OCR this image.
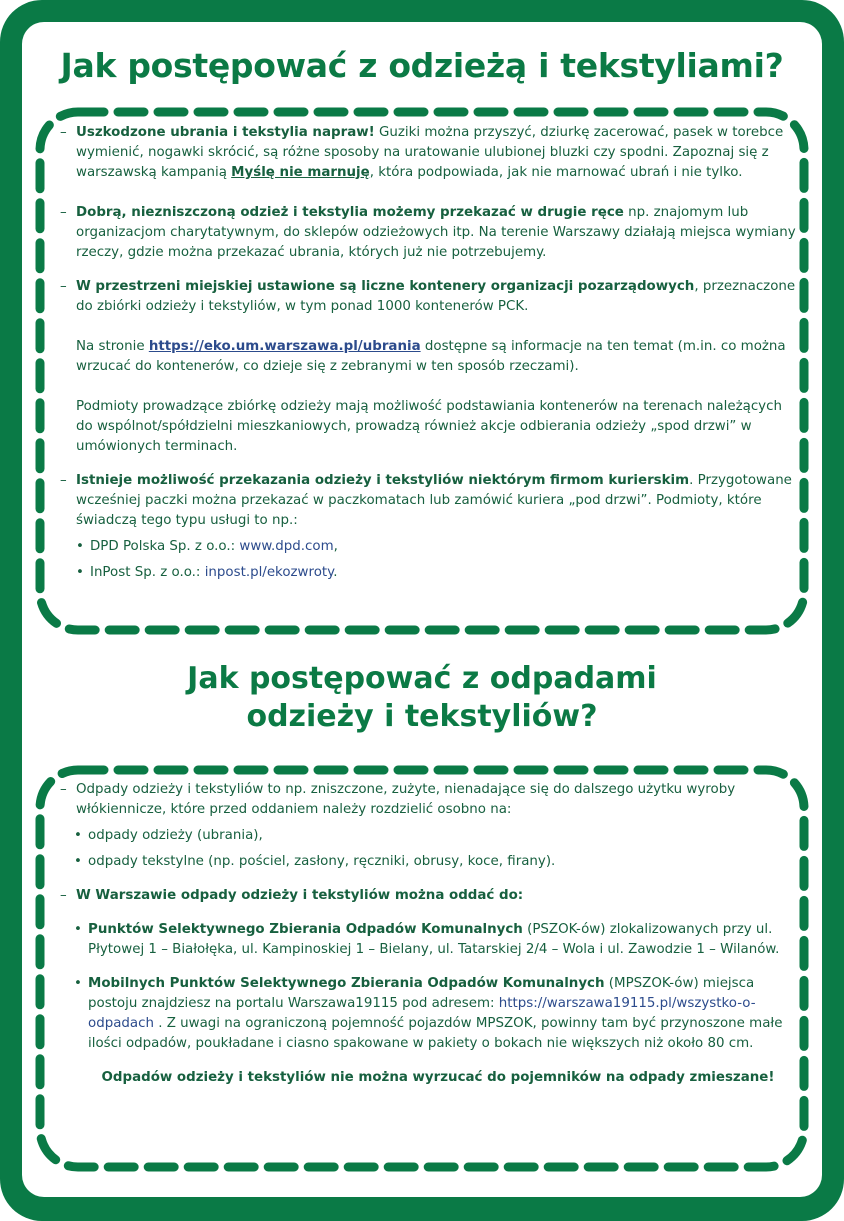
Jak postępować z odzieżą i tekstyliami?

– Uszkodzone ubrania i tekstylia napraw! Guziki można przyszyć, dziurkę zacerować, pasek w torebce wymienić, nogawki skrócić, są różne sposoby na uratowanie ulubionej bluzki czy spodni. Zapoznaj się z warszawską kampanią Myślę nie marnuję, która podpowiada, jak nie marnować ubrań i nie tylko.

– Dobrą, niezniszczoną odzież i tekstylia możemy przekazać w drugie ręce np. znajomym lub organizacjom charytatywnym, do sklepów odzieżowych itp. Na terenie Warszawy działają miejsca wymiany rzeczy, gdzie można przekazać ubrania, których już nie potrzebujemy.

– W przestrzeni miejskiej ustawione są liczne kontenery organizacji pozarządowych, przeznaczone do zbiórki odzieży i tekstyliów, w tym ponad 1000 kontenerów PCK.

Na stronie https://eko.um.warszawa.pl/ubrania dostępne są informacje na ten temat (m.in. co można wrzucać do kontenerów, co dzieje się z zebranymi w ten sposób rzeczami).

Podmioty prowadzące zbiórkę odzieży mają możliwość podstawiania kontenerów na terenach należących do wspólnot/spółdzielni mieszkaniowych, prowadzą również akcje odbierania odzieży „spod drzwi” w umówionych terminach.

– Istnieje możliwość przekazania odzieży i tekstyliów niektórym firmom kurierskim. Przygotowane wcześniej paczki można przekazać w paczkomatach lub zamówić kuriera „pod drzwi”. Podmioty, które świadczą tego typu usługi to np.:

• DPD Polska Sp. z o.o.: www.dpd.com,

• InPost Sp. z o.o.: inpost.pl/ekozwroty.

Jak postępować z odpadami
odzieży i tekstyliów?

– Odpady odzieży i tekstyliów to np. zniszczone, zużyte, nienadające się do dalszego użytku wyroby włókiennicze, które przed oddaniem należy rozdzielić osobno na:

• odpady odzieży (ubrania),

• odpady tekstylne (np. pościel, zasłony, ręczniki, obrusy, koce, firany).

– W Warszawie odpady odzieży i tekstyliów można oddać do:

• Punktów Selektywnego Zbierania Odpadów Komunalnych (PSZOK-ów) zlokalizowanych przy ul. Płytowej 1 – Białołęka, ul. Kampinoskiej 1 – Bielany, ul. Tatarskiej 2/4 – Wola i ul. Zawodzie 1 – Wilanów.

• Mobilnych Punktów Selektywnego Zbierania Odpadów Komunalnych (MPSZOK-ów) miejsca postoju znajdziesz na portalu Warszawa19115 pod adresem: https://warszawa19115.pl/wszystko-o-odpadach . Z uwagi na ograniczoną pojemność pojazdów MPSZOK, powinny tam być przynoszone małe ilości odpadów, poukładane i ciasno spakowane w pakiety o bokach nie większych niż około 80 cm.

Odpadów odzieży i tekstyliów nie można wyrzucać do pojemników na odpady zmieszane!
